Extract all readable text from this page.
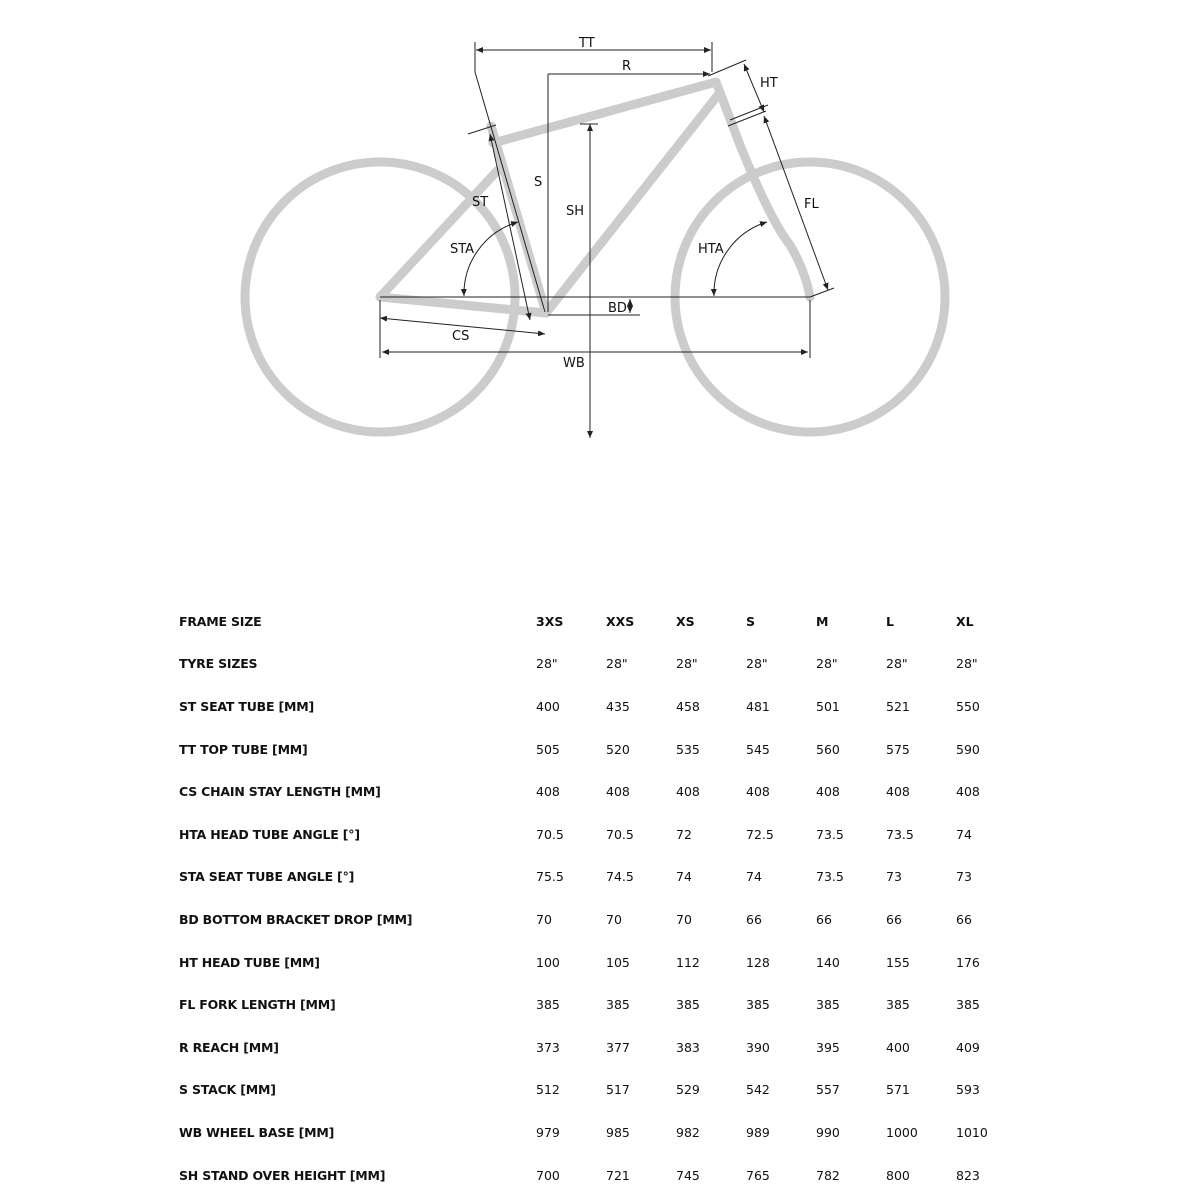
TT
R
HT
S
ST
SH	FL
STA	HTA
BD
CS
WB
FRAME SIZE	3XS	XXS	XS	S	M	L	XL
TYRE SIZES	28"	28"	28"	28"	28"	28"	28"
ST SEAT TUBE [MM]	400	435	458	481	501	521	550
TT TOP TUBE [MM]	505	520	535	545	560	575	590
CS CHAIN STAY LENGTH [MM]	408	408	408	408	408	408	408
HTA HEAD TUBE ANGLE [°]	70.5	70.5	72	72.5	73.5	73.5	74
STA SEAT TUBE ANGLE [°]	75.5	74.5	74	74	73.5	73	73
BD BOTTOM BRACKET DROP [MM]	70	70	70	66	66	66	66
HT HEAD TUBE [MM]	100	105	112	128	140	155	176
FL FORK LENGTH [MM]	385	385	385	385	385	385	385
R REACH [MM]	373	377	383	390	395	400	409
S STACK [MM]	512	517	529	542	557	571	593
WB WHEEL BASE [MM]	979	985	982	989	990	1000	1010
SH STAND OVER HEIGHT [MM]	700	721	745	765	782	800	823
